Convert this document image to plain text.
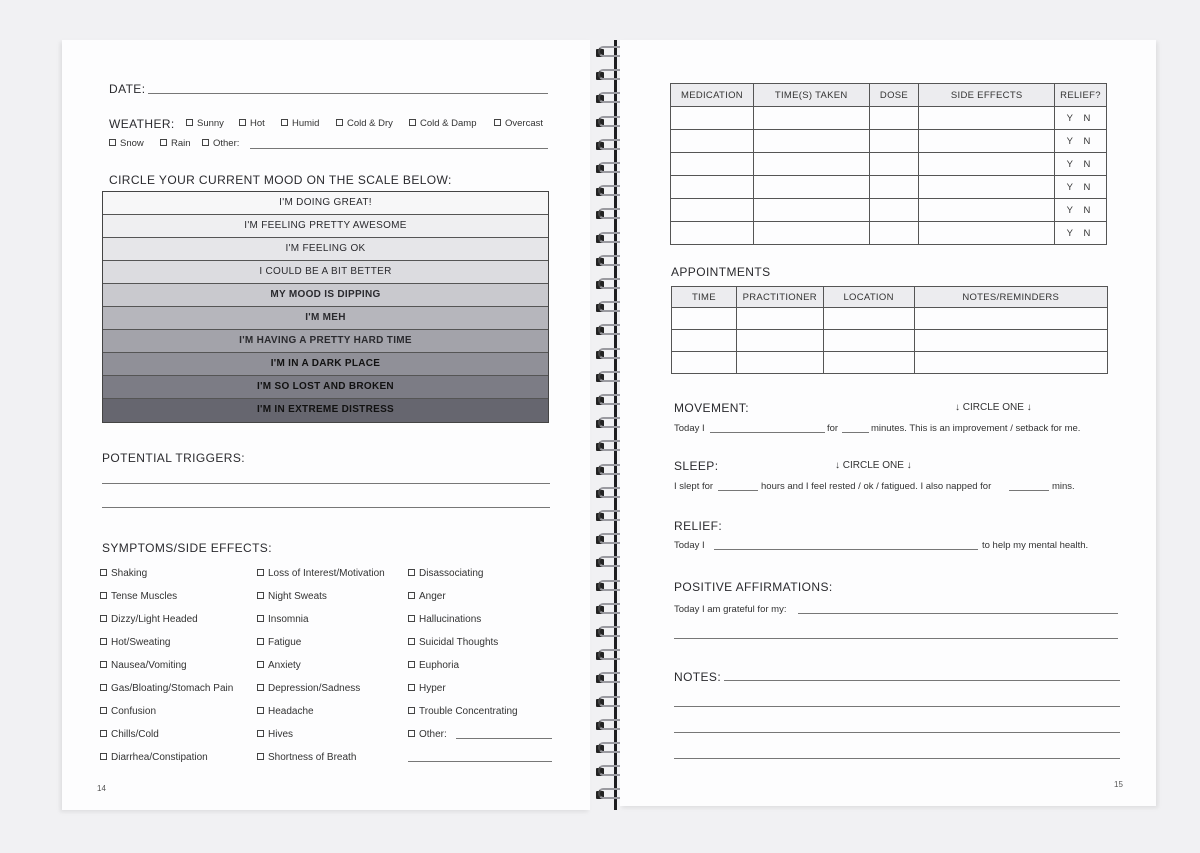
DATE:
WEATHER:	Sunny	Hot	Humid	Cold & Dry	Cold & Damp	Overcast
Snow	Rain	Other:
CIRCLE YOUR CURRENT MOOD ON THE SCALE BELOW:
I'M DOING GREAT!
I'M FEELING PRETTY AWESOME
I'M FEELING OK
I COULD BE A BIT BETTER
MY MOOD IS DIPPING
I'M MEH
I'M HAVING A PRETTY HARD TIME
I'M IN A DARK PLACE
I'M SO LOST AND BROKEN
I'M IN EXTREME DISTRESS
POTENTIAL TRIGGERS:
SYMPTOMS/SIDE EFFECTS:
Shaking
Tense Muscles
Dizzy/Light Headed
Hot/Sweating
Nausea/Vomiting
Gas/Bloating/Stomach Pain
Confusion
Chills/Cold
Diarrhea/Constipation
Loss of Interest/Motivation
Night Sweats
Insomnia
Fatigue
Anxiety
Depression/Sadness
Headache
Hives
Shortness of Breath
Disassociating
Anger
Hallucinations
Suicidal Thoughts
Euphoria
Hyper
Trouble Concentrating
Other:
14
MEDICATION	TIME(S) TAKEN	DOSE	SIDE EFFECTS	RELIEF?
				Y N
				Y N
				Y N
				Y N
				Y N
				Y N
APPOINTMENTS
TIME	PRACTITIONER	LOCATION	NOTES/REMINDERS

MOVEMENT:	↓ CIRCLE ONE ↓
Today I	for	minutes. This is an improvement / setback for me.
SLEEP:	↓ CIRCLE ONE ↓
I slept for	hours and I feel rested / ok / fatigued. I also napped for	mins.
RELIEF:
Today I	to help my mental health.
POSITIVE AFFIRMATIONS:
Today I am grateful for my:
NOTES:
15
